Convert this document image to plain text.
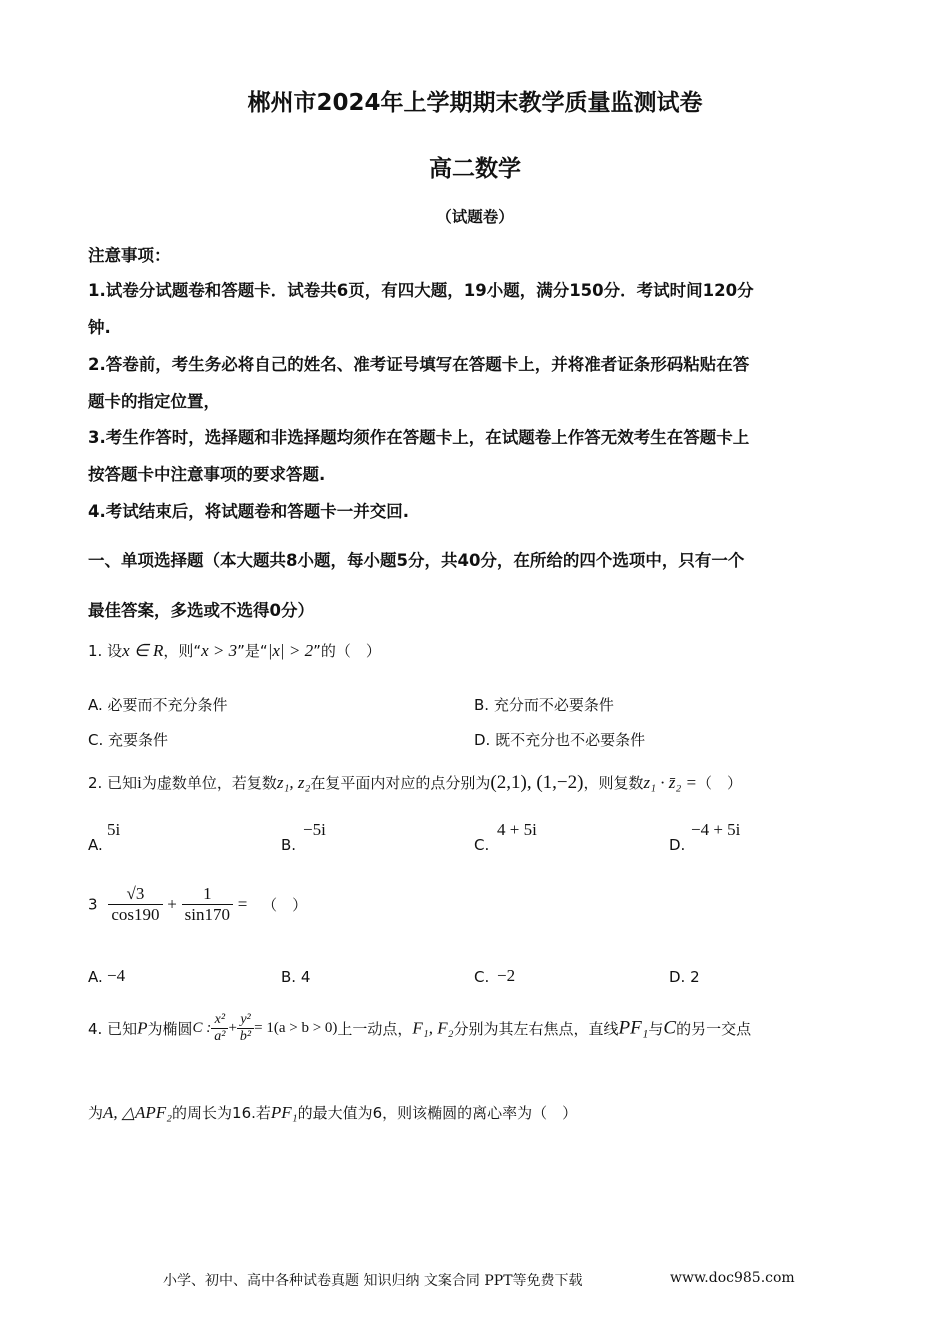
郴州市2024年上学期期末教学质量监测试卷
高二数学
（试题卷）
注意事项：
1.试卷分试题卷和答题卡．试卷共6页，有四大题，19小题，满分150分．考试时间120分
钟.
2.答卷前，考生务必将自己的姓名、准考证号填写在答题卡上，并将准者证条形码粘贴在答
题卡的指定位置，
3.考生作答时，选择题和非选择题均须作在答题卡上，在试题卷上作答无效考生在答题卡上
按答题卡中注意事项的要求答题.
4.考试结束后，将试题卷和答题卡一并交回.
一、单项选择题（本大题共8小题，每小题5分，共40分，在所给的四个选项中，只有一个
最佳答案，多选或不选得0分）
1. 设x ∈ R，则“x > 3”是“|x| > 2”的（　）
A. 必要而不充分条件	B. 充分而不必要条件
C. 充要条件	D. 既不充分也不必要条件
2. 已知i为虚数单位，若复数z₁, z₂在复平面内对应的点分别为(2,1), (1,−2)，则复数z₁ · z̄₂ =（　）
A.
5i
B.
−5i
C.
4 + 5i
D.
−4 + 5i
$3 \frac{√3}{\cos 190} + \frac{1}{\sin 170}$ = （　）
A. −4	B. 4	C. −2	D. 2
4. 已知P为椭圆C : $\frac{\text{x²}}{\text{a²}} + \frac{\text{y²}}{\text{b²}} = 1(a > b > 0)$上一动点，F₁, F₂分别为其左右焦点，直线PF₁与C的另一交点
为A, △APF₂的周长为16.若PF₁的最大值为6，则该椭圆的离心率为（　）
小学、初中、高中各种试卷真题 知识归纳 文案合同 PPT等免费下载	www.doc985.com
